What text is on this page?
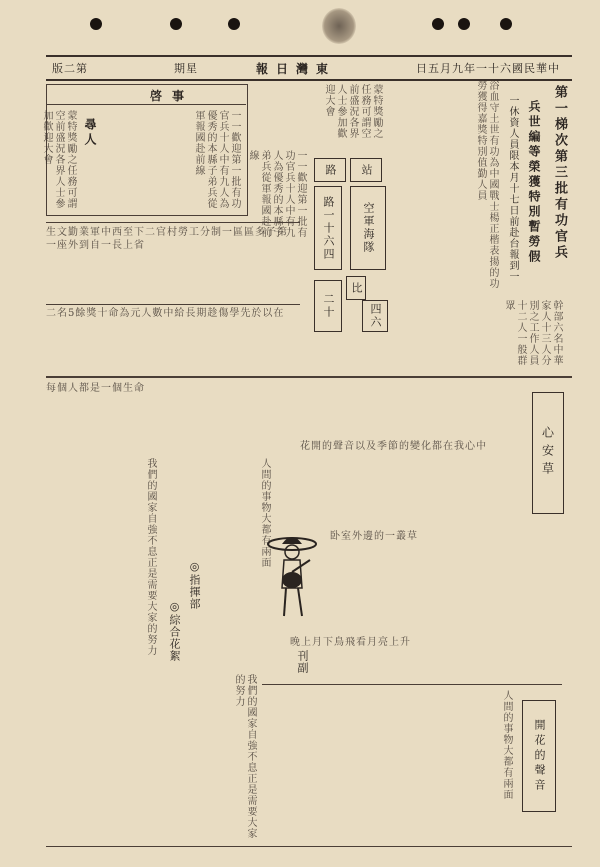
版二第	期星	報日灣東	日五月九年一十六國民華中
第一梯次第三批有功官兵
兵世編等榮獲特別暫勞假
一休資人員限本月十七日前赴台報到一
浴血守土世有功為中國戰士楊正楷表揚的功勞獲得嘉獎特別值勤人員
啓事
尋人	一一歡迎第一批有功官兵十人中有九人為優秀的本縣子弟兵從軍報國赴前線
蒙特獎勵之任務可謂空前盛況各界人士參加歡迎大會	蒙特獎勵之任務可謂空前盛況各界人士參加歡迎大會
一一歡迎第一批有功官兵十人中有九人為優秀的本縣子弟兵從軍報國赴前線
站
路
空軍海隊
路一十六四
二十
比
四六
生文勤業軍中西至下二官村勞工分制一區區多子第一座外到自一長上省
二名5餘獎十命為元人數中給長期趁傷學先於以在	幹部六名中華家人十三人分別之工作人員十二人一般群眾
每個人都是一個生命
心安草
我們的國家自強不息正是需要大家的努力	人間的事物大都有兩面
花開的聲音以及季節的變化都在我心中
◎指揮部
◎綜合花絮
卧室外邊的一叢草
晚上月下鳥飛看月亮上升
刊副
人間的事物大都有兩面	開花的聲音
我們的國家自強不息正是需要大家的努力
